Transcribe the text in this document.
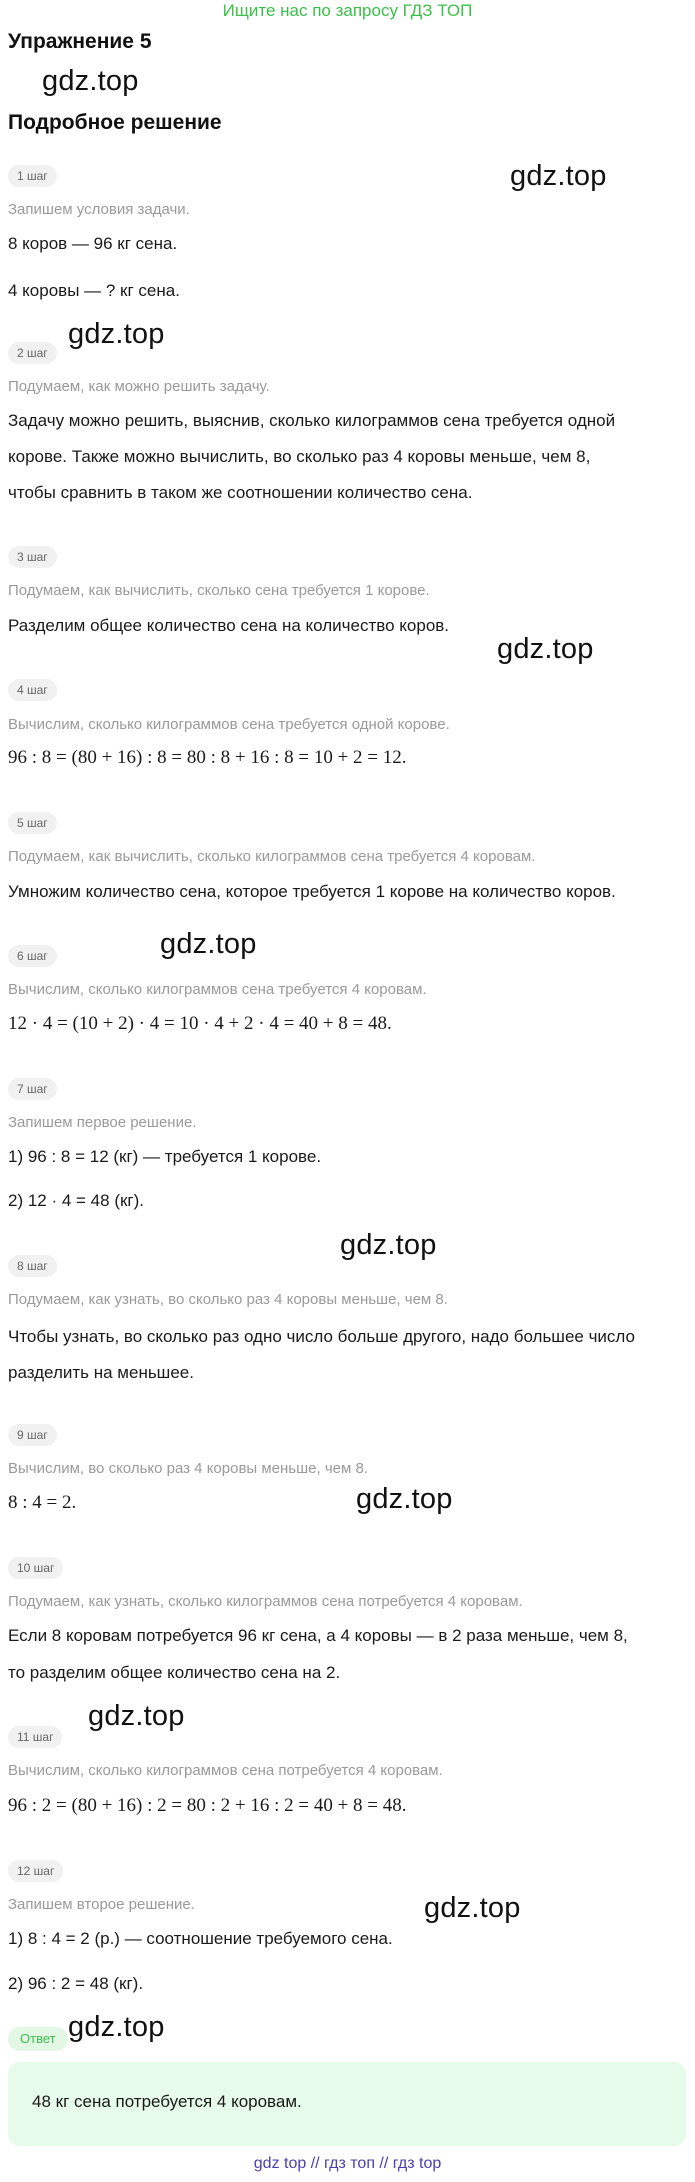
Ищите нас по запросу ГДЗ ТОП
Упражнение 5
gdz.top
Подробное решение
1 шаг	gdz.top
Запишем условия задачи.
8 коров — 96 кг сена.
4 коровы — ? кг сена.
2 шаг
gdz.top
Подумаем, как можно решить задачу.
Задачу можно решить, выяснив, сколько килограммов сена требуется одной
корове. Также можно вычислить, во сколько раз 4 коровы меньше, чем 8,
чтобы сравнить в таком же соотношении количество сена.
3 шаг
Подумаем, как вычислить, сколько сена требуется 1 корове.
Разделим общее количество сена на количество коров.
gdz.top
4 шаг
Вычислим, сколько килограммов сена требуется одной корове.
96 : 8 = (80 + 16) : 8 = 80 : 8 + 16 : 8 = 10 + 2 = 12.
5 шаг
Подумаем, как вычислить, сколько килограммов сена требуется 4 коровам.
Умножим количество сена, которое требуется 1 корове на количество коров.
6 шаг	gdz.top
Вычислим, сколько килограммов сена требуется 4 коровам.
12 · 4 = (10 + 2) · 4 = 10 · 4 + 2 · 4 = 40 + 8 = 48.
7 шаг
Запишем первое решение.
1) 96 : 8 = 12 (кг) — требуется 1 корове.
2) 12 · 4 = 48 (кг).
gdz.top
8 шаг
Подумаем, как узнать, во сколько раз 4 коровы меньше, чем 8.
Чтобы узнать, во сколько раз одно число больше другого, надо большее число
разделить на меньшее.
9 шаг
Вычислим, во сколько раз 4 коровы меньше, чем 8.
8 : 4 = 2.	gdz.top
10 шаг
Подумаем, как узнать, сколько килограммов сена потребуется 4 коровам.
Если 8 коровам потребуется 96 кг сена, а 4 коровы — в 2 раза меньше, чем 8,
то разделим общее количество сена на 2.
gdz.top
11 шаг
Вычислим, сколько килограммов сена потребуется 4 коровам.
96 : 2 = (80 + 16) : 2 = 80 : 2 + 16 : 2 = 40 + 8 = 48.
12 шаг
Запишем второе решение.	gdz.top
1) 8 : 4 = 2 (р.) — соотношение требуемого сена.
2) 96 : 2 = 48 (кг).
Ответ gdz.top
48 кг сена потребуется 4 коровам.
gdz top // гдз топ // гдз top
